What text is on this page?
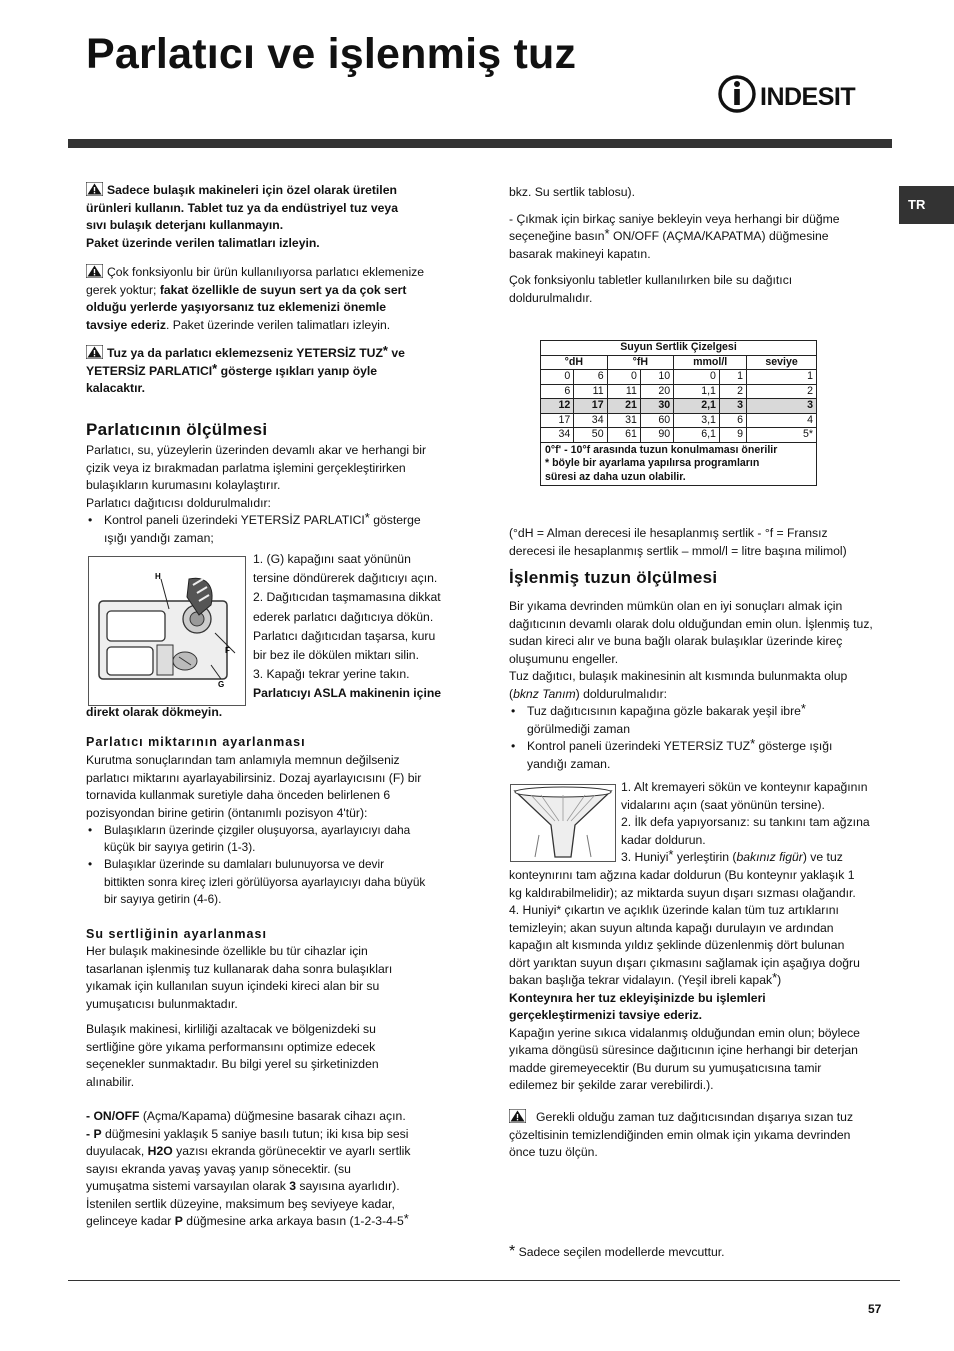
Parlatıcı ve işlenmiş tuz
INDESIT
TR
Sadece bulaşık makineleri için özel olarak üretilen
ürünleri kullanın. Tablet tuz ya da endüstriyel tuz veya
sıvı bulaşık deterjanı kullanmayın.
Paket üzerinde verilen talimatları izleyin.
Çok fonksiyonlu bir ürün kullanılıyorsa parlatıcı eklemenize
gerek yoktur; fakat özellikle de suyun sert ya da çok sert
olduğu yerlerde yaşıyorsanız tuz eklemenizi önemle
tavsiye ederiz. Paket üzerinde verilen talimatları izleyin.
Tuz ya da parlatıcı eklemezseniz YETERSİZ TUZ* ve
YETERSİZ PARLATICI* gösterge ışıkları yanıp öyle
kalacaktır.
Parlatıcının ölçülmesi
Parlatıcı, su, yüzeylerin üzerinden devamlı akar ve herhangi bir
çizik veya iz bırakmadan parlatma işlemini gerçekleştirirken
bulaşıkların kurumasını kolaylaştırır.
Parlatıcı dağıtıcısı doldurulmalıdır:
• Kontrol paneli üzerindeki YETERSİZ PARLATICI* gösterge
ışığı yandığı zaman;
H
F
G
1. (G) kapağını saat yönünün
tersine döndürerek dağıtıcıyı açın.
2. Dağıtıcıdan taşmamasına dikkat
ederek parlatıcı dağıtıcıya dökün.
Parlatıcı dağıtıcıdan taşarsa, kuru
bir bez ile dökülen miktarı silin.
3. Kapağı tekrar yerine takın.
Parlatıcıyı ASLA makinenin içine
direkt olarak dökmeyin.
Parlatıcı miktarının ayarlanması
Kurutma sonuçlarından tam anlamıyla memnun değilseniz
parlatıcı miktarını ayarlayabilirsiniz. Dozaj ayarlayıcısını (F) bir
tornavida kullanmak suretiyle daha önceden belirlenen 6
pozisyondan birine getirin (öntanımlı pozisyon 4'tür):
• Bulaşıkların üzerinde çizgiler oluşuyorsa, ayarlayıcıyı daha
küçük bir sayıya getirin (1-3).
• Bulaşıklar üzerinde su damlaları bulunuyorsa ve devir
bittikten sonra kireç izleri görülüyorsa ayarlayıcıyı daha büyük
bir sayıya getirin (4-6).
Su sertliğinin ayarlanması
Her bulaşık makinesinde özellikle bu tür cihazlar için
tasarlanan işlenmiş tuz kullanarak daha sonra bulaşıkları
yıkamak için kullanılan suyun içindeki kireci alan bir su
yumuşatıcısı bulunmaktadır.
Bulaşık makinesi, kirliliği azaltacak ve bölgenizdeki su
sertliğine göre yıkama performansını optimize edecek
seçenekler sunmaktadır. Bu bilgi yerel su şirketinizden
alınabilir.
- ON/OFF (Açma/Kapama) düğmesine basarak cihazı açın.
- P düğmesini yaklaşık 5 saniye basılı tutun; iki kısa bip sesi
duyulacak, H2O yazısı ekranda görünecektir ve ayarlı sertlik
sayısı ekranda yavaş yavaş yanıp sönecektir. (su
yumuşatma sistemi varsayılan olarak 3 sayısına ayarlıdır).
İstenilen sertlik düzeyine, maksimum beş seviyeye kadar,
gelinceye kadar P düğmesine arka arkaya basın (1-2-3-4-5*
bkz. Su sertlik tablosu).
- Çıkmak için birkaç saniye bekleyin veya herhangi bir düğme
seçeneğine basın* ON/OFF (AÇMA/KAPATMA) düğmesine
basarak makineyi kapatın.
Çok fonksiyonlu tabletler kullanılırken bile su dağıtıcı
doldurulmalıdır.
Suyun Sertlik Çizelgesi						
°dH		°fH		mmol/l		seviye
0	6	0	10	0	1	1
6	11	11	20	1,1	2	2
12	17	21	30	2,1	3	3
17	34	31	60	3,1	6	4
34	50	61	90	6,1	9	5*

0°f' - 10°f arasında tuzun konulmaması önerilir
* böyle bir ayarlama yapılırsa programların
süresi az daha uzun olabilir.						
(°dH = Alman derecesi ile hesaplanmış sertlik - °f = Fransız
derecesi ile hesaplanmış sertlik – mmol/l = litre başına milimol)
İşlenmiş tuzun ölçülmesi
Bir yıkama devrinden mümkün olan en iyi sonuçları almak için
dağıtıcının devamlı olarak dolu olduğundan emin olun. İşlenmiş tuz,
sudan kireci alır ve buna bağlı olarak bulaşıklar üzerinde kireç
oluşumunu engeller.
Tuz dağıtıcı, bulaşık makinesinin alt kısmında bulunmakta olup
(bknz Tanım) doldurulmalıdır:
• Tuz dağıtıcısının kapağına gözle bakarak yeşil ibre*
görülmediği zaman
• Kontrol paneli üzerindeki YETERSİZ TUZ* gösterge ışığı
yandığı zaman.
1. Alt kremayeri sökün ve konteynır kapağının
vidalarını açın (saat yönünün tersine).
2. İlk defa yapıyorsanız: su tankını tam ağzına
kadar doldurun.
3. Huniyi* yerleştirin (bakınız figür) ve tuz
konteynırını tam ağzına kadar doldurun (Bu konteynır yaklaşık 1
kg kaldırabilmelidir); az miktarda suyun dışarı sızması olağandır.
4. Huniyi* çıkartın ve açıklık üzerinde kalan tüm tuz artıklarını
temizleyin; akan suyun altında kapağı durulayın ve ardından
kapağın alt kısmında yıldız şeklinde düzenlenmiş dört bulunan
dört yarıktan suyun dışarı çıkmasını sağlamak için aşağıya doğru
bakan başlığa tekrar vidalayın. (Yeşil ibreli kapak*)
Konteynıra her tuz ekleyişinizde bu işlemleri
gerçekleştirmenizi tavsiye ederiz.
Kapağın yerine sıkıca vidalanmış olduğundan emin olun; böylece
yıkama döngüsü süresince dağıtıcının içine herhangi bir deterjan
madde giremeyecektir (Bu durum su yumuşatıcısına tamir
edilemez bir şekilde zarar verebilirdi.).
Gerekli olduğu zaman tuz dağıtıcısından dışarıya sızan tuz
çözeltisinin temizlendiğinden emin olmak için yıkama devrinden
önce tuzu ölçün.
* Sadece seçilen modellerde mevcuttur.
57
